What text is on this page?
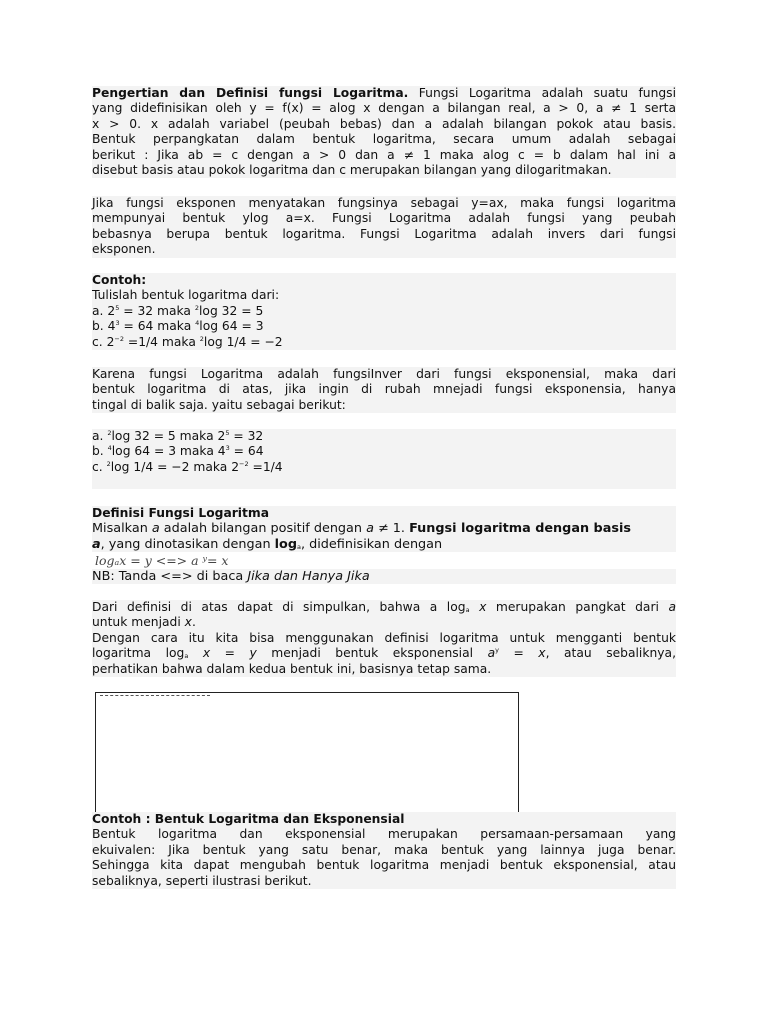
Pengertian dan Definisi fungsi Logaritma. Fungsi Logaritma adalah suatu fungsi
yang didefinisikan oleh y = f(x) = alog x dengan a bilangan real, a > 0, a ≠ 1 serta
x > 0. x adalah variabel (peubah bebas) dan a adalah bilangan pokok atau basis.
Bentuk perpangkatan dalam bentuk logaritma, secara umum adalah sebagai
berikut : Jika ab = c dengan a > 0 dan a ≠ 1 maka alog c = b dalam hal ini a
disebut basis atau pokok logaritma dan c merupakan bilangan yang dilogaritmakan.
Jika fungsi eksponen menyatakan fungsinya sebagai y=ax, maka fungsi logaritma
mempunyai bentuk ylog a=x. Fungsi Logaritma adalah fungsi yang peubah
bebasnya berupa bentuk logaritma. Fungsi Logaritma adalah invers dari fungsi
eksponen.
Contoh:
Tulislah bentuk logaritma dari:
a. $2^5 = 32$ maka $^2$log 32 = 5
b. $4^3 = 64$ maka $^4$log 64 = 3
c. $2^{-2} =1/4$ maka $^2$log 1/4 = −2
Karena fungsi Logaritma adalah fungsiInver dari fungsi eksponensial, maka dari
bentuk logaritma di atas, jika ingin di rubah mnejadi fungsi eksponensia, hanya
tingal di balik saja. yaitu sebagai berikut:
a. $^2$log 32 = 5 maka $2^5 = 32$
b. $^4$log 64 = 3 maka $4^3 = 64$
c. $^2$log 1/4 = −2 maka $2^{-2} =1/4$
Definisi Fungsi Logaritma
Misalkan a adalah bilangan positif dengan a ≠ 1. Fungsi logaritma dengan basis
a, yang dinotasikan dengan $\log_a$, didefinisikan dengan
logₐx = y <=> a ʸ= x
NB: Tanda <=> di baca Jika dan Hanya Jika
Dari definisi di atas dapat di simpulkan, bahwa a $\log_a x$ merupakan pangkat dari a
untuk menjadi x.
Dengan cara itu kita bisa menggunakan definisi logaritma untuk mengganti bentuk
logaritma $\log_a x = y$ menjadi bentuk eksponensial $a^y = x$, atau sebaliknya,
perhatikan bahwa dalam kedua bentuk ini, basisnya tetap sama.
Contoh : Bentuk Logaritma dan Eksponensial
Bentuk logaritma dan eksponensial merupakan persamaan-persamaan yang
ekuivalen: Jika bentuk yang satu benar, maka bentuk yang lainnya juga benar.
Sehingga kita dapat mengubah bentuk logaritma menjadi bentuk eksponensial, atau
sebaliknya, seperti ilustrasi berikut.
